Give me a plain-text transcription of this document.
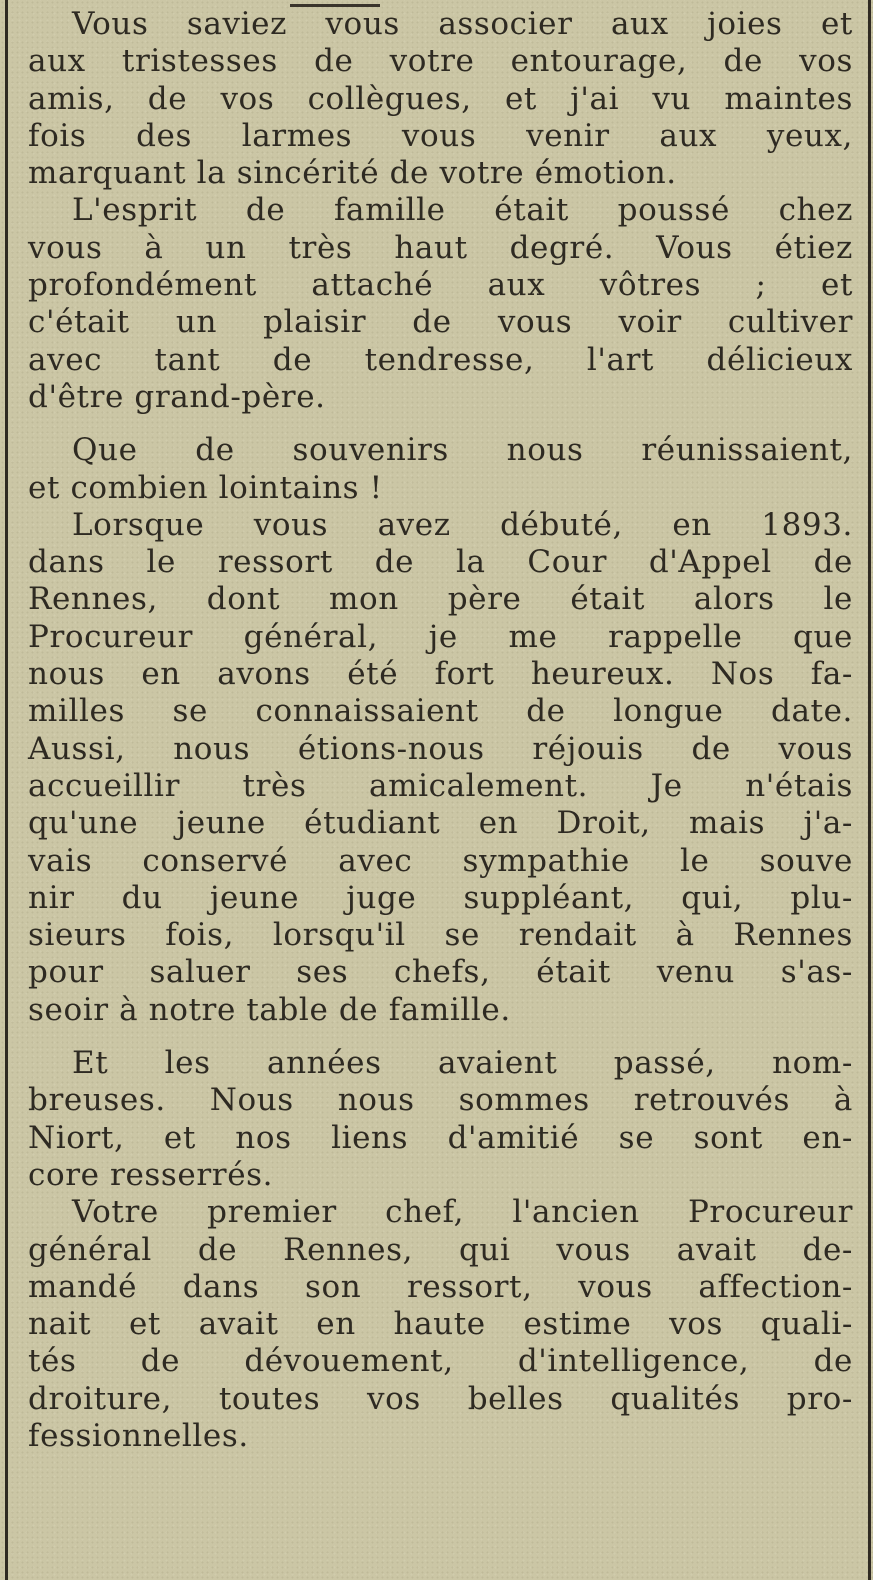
Vous saviez vous associer aux joies et
aux tristesses de votre entourage, de vos
amis, de vos collègues, et j'ai vu maintes
fois des larmes vous venir aux yeux,
marquant la sincérité de votre émotion.
L'esprit de famille était poussé chez
vous à un très haut degré. Vous étiez
profondément attaché aux vôtres ; et
c'était un plaisir de vous voir cultiver
avec tant de tendresse, l'art délicieux
d'être grand-père.
Que de souvenirs nous réunissaient,
et combien lointains !
Lorsque vous avez débuté, en 1893.
dans le ressort de la Cour d'Appel de
Rennes, dont mon père était alors le
Procureur général, je me rappelle que
nous en avons été fort heureux. Nos fa-
milles se connaissaient de longue date.
Aussi, nous étions-nous réjouis de vous
accueillir très amicalement. Je n'étais
qu'une jeune étudiant en Droit, mais j'a-
vais conservé avec sympathie le souve
nir du jeune juge suppléant, qui, plu-
sieurs fois, lorsqu'il se rendait à Rennes
pour saluer ses chefs, était venu s'as-
seoir à notre table de famille.
Et les années avaient passé, nom-
breuses. Nous nous sommes retrouvés à
Niort, et nos liens d'amitié se sont en-
core resserrés.
Votre premier chef, l'ancien Procureur
général de Rennes, qui vous avait de-
mandé dans son ressort, vous affection-
nait et avait en haute estime vos quali-
tés de dévouement, d'intelligence, de
droiture, toutes vos belles qualités pro-
fessionnelles.
